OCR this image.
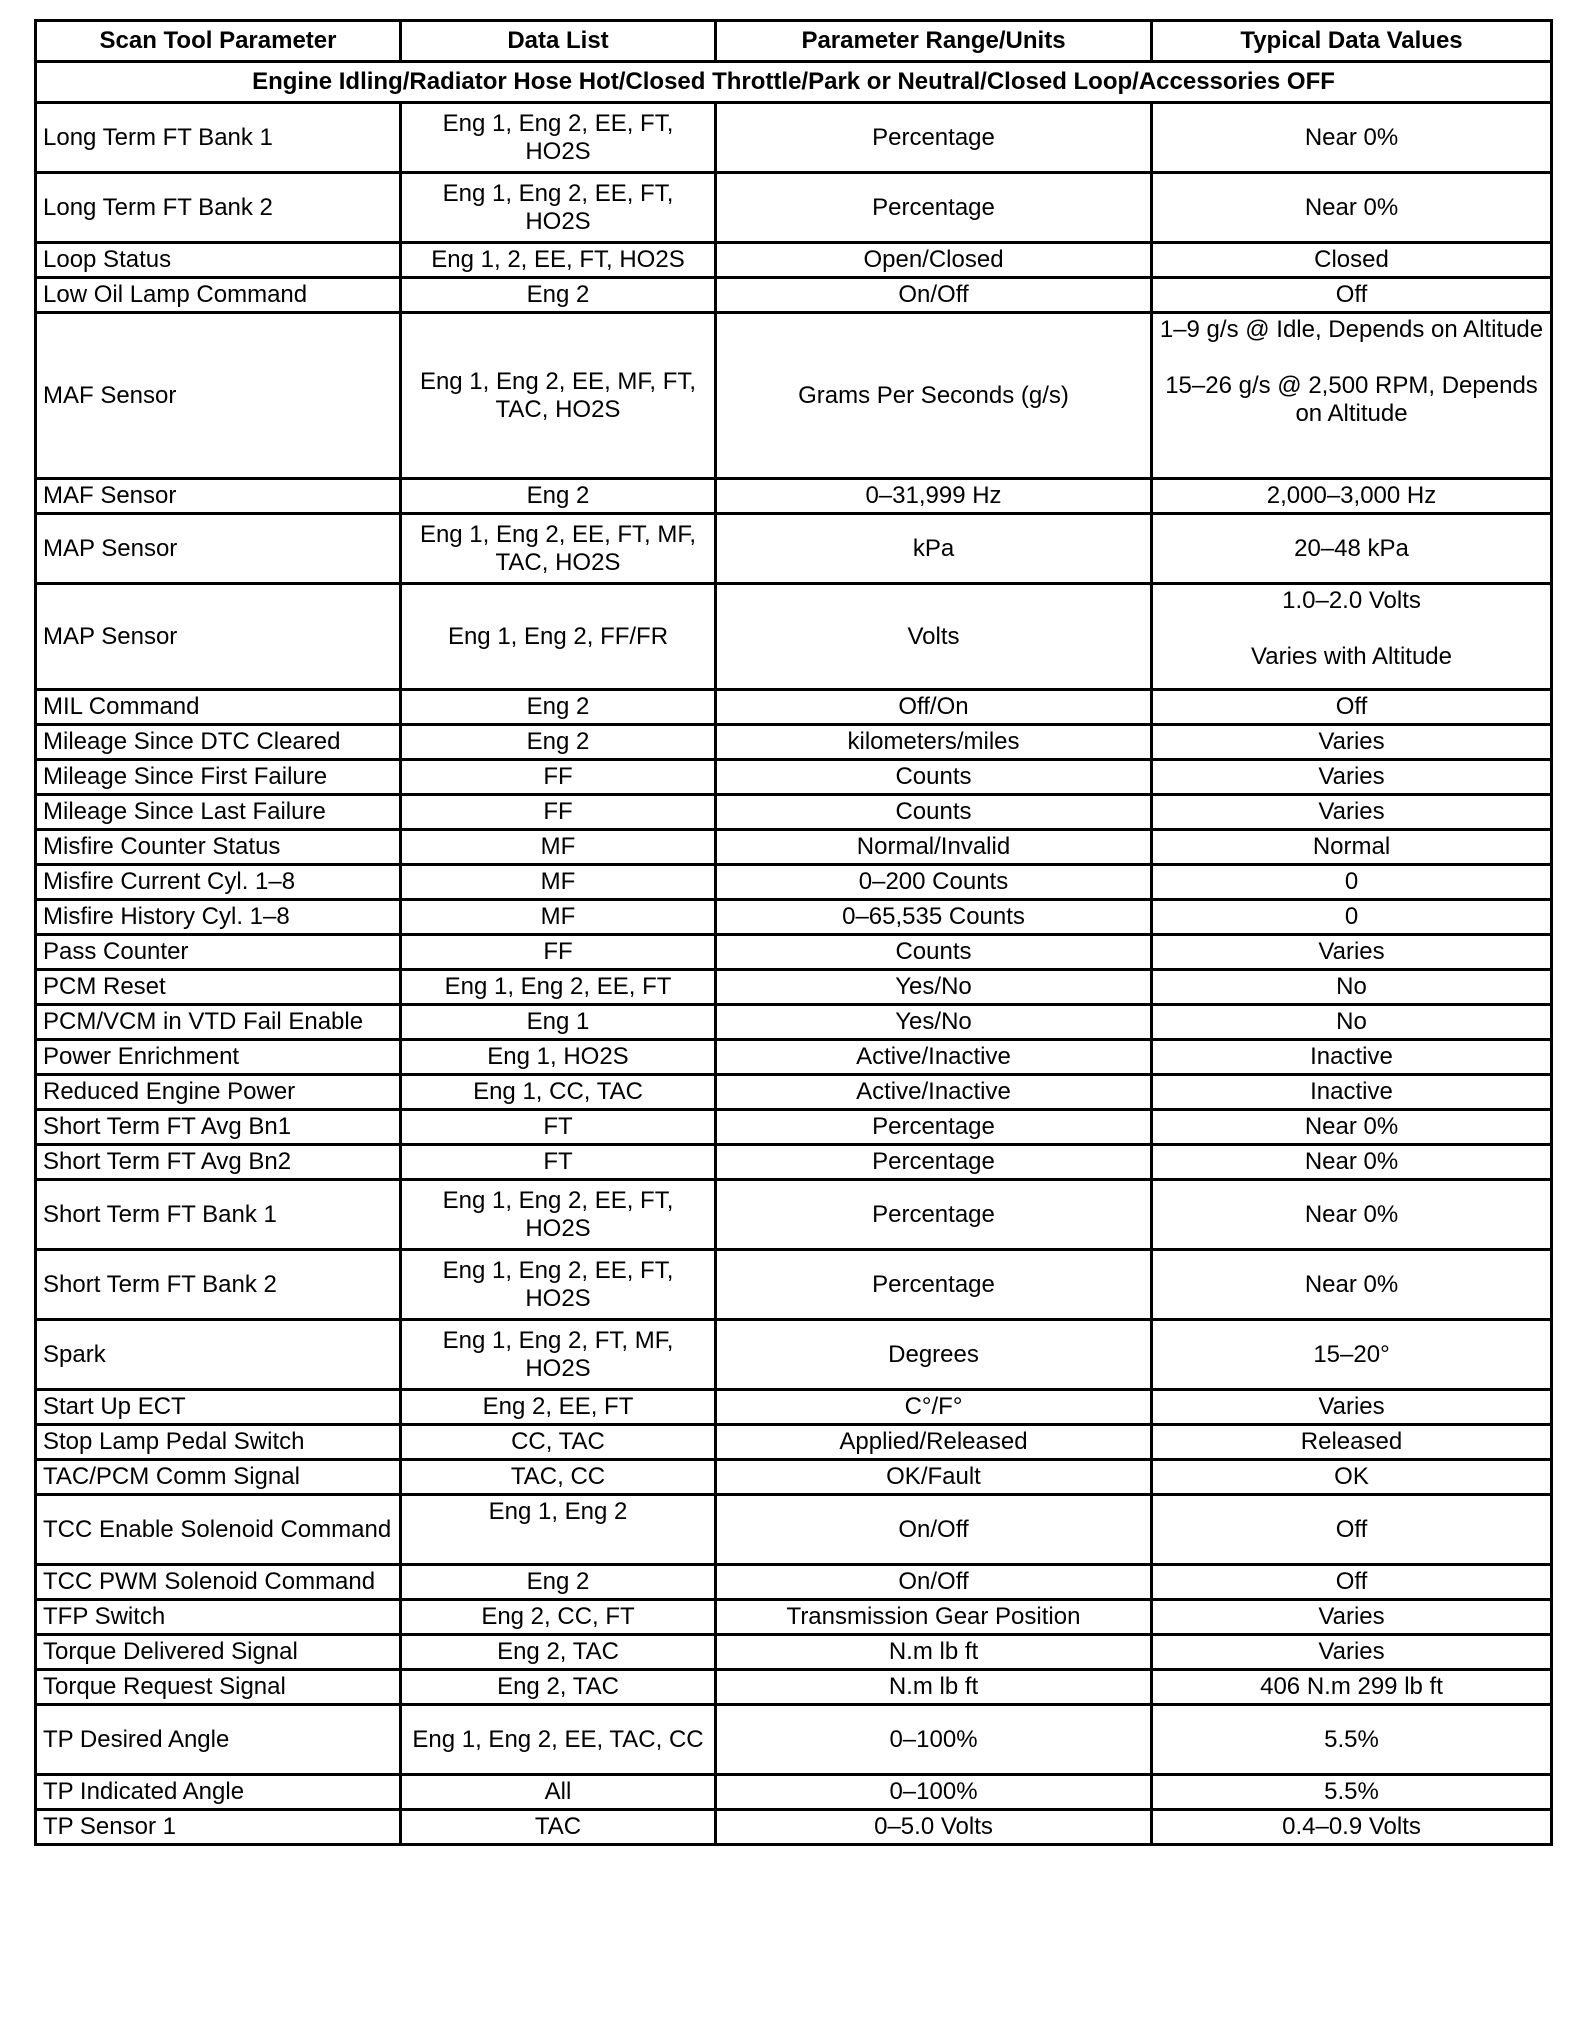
Scan Tool Parameter	Data List	Parameter Range/Units	Typical Data Values
Engine Idling/Radiator Hose Hot/Closed Throttle/Park or Neutral/Closed Loop/Accessories OFF			
Long Term FT Bank 1	Eng 1, Eng 2, EE, FT, HO2S	Percentage	Near 0%

Long Term FT Bank 2	Eng 1, Eng 2, EE, FT, HO2S	Percentage	Near 0%

Loop Status	Eng 1, 2, EE, FT, HO2S	Open/Closed	Closed

Low Oil Lamp Command	Eng 2	On/Off	Off

MAF Sensor	Eng 1, Eng 2, EE, MF, FT, TAC, HO2S	Grams Per Seconds (g/s)	1–9 g/s @ Idle, Depends on Altitude
15–26 g/s @ 2,500 RPM, Depends on Altitude

MAF Sensor	Eng 2	0–31,999 Hz	2,000–3,000 Hz

MAP Sensor	Eng 1, Eng 2, EE, FT, MF, TAC, HO2S	kPa	20–48 kPa

MAP Sensor	Eng 1, Eng 2, FF/FR	Volts	1.0–2.0 Volts
Varies with Altitude

MIL Command	Eng 2	Off/On	Off

Mileage Since DTC Cleared	Eng 2	kilometers/miles	Varies

Mileage Since First Failure	FF	Counts	Varies

Mileage Since Last Failure	FF	Counts	Varies

Misfire Counter Status	MF	Normal/Invalid	Normal

Misfire Current Cyl. 1–8	MF	0–200 Counts	0

Misfire History Cyl. 1–8	MF	0–65,535 Counts	0

Pass Counter	FF	Counts	Varies

PCM Reset	Eng 1, Eng 2, EE, FT	Yes/No	No

PCM/VCM in VTD Fail Enable	Eng 1	Yes/No	No

Power Enrichment	Eng 1, HO2S	Active/Inactive	Inactive

Reduced Engine Power	Eng 1, CC, TAC	Active/Inactive	Inactive

Short Term FT Avg Bn1	FT	Percentage	Near 0%

Short Term FT Avg Bn2	FT	Percentage	Near 0%

Short Term FT Bank 1	Eng 1, Eng 2, EE, FT, HO2S	Percentage	Near 0%

Short Term FT Bank 2	Eng 1, Eng 2, EE, FT, HO2S	Percentage	Near 0%

Spark	Eng 1, Eng 2, FT, MF, HO2S	Degrees	15–20°

Start Up ECT	Eng 2, EE, FT	C°/F°	Varies

Stop Lamp Pedal Switch	CC, TAC	Applied/Released	Released

TAC/PCM Comm Signal	TAC, CC	OK/Fault	OK

TCC Enable Solenoid Command	Eng 1, Eng 2	On/Off	Off

TCC PWM Solenoid Command	Eng 2	On/Off	Off

TFP Switch	Eng 2, CC, FT	Transmission Gear Position	Varies

Torque Delivered Signal	Eng 2, TAC	N.m lb ft	Varies

Torque Request Signal	Eng 2, TAC	N.m lb ft	406 N.m 299 lb ft

TP Desired Angle	Eng 1, Eng 2, EE, TAC, CC	0–100%	5.5%

TP Indicated Angle	All	0–100%	5.5%

TP Sensor 1	TAC	0–5.0 Volts	0.4–0.9 Volts
